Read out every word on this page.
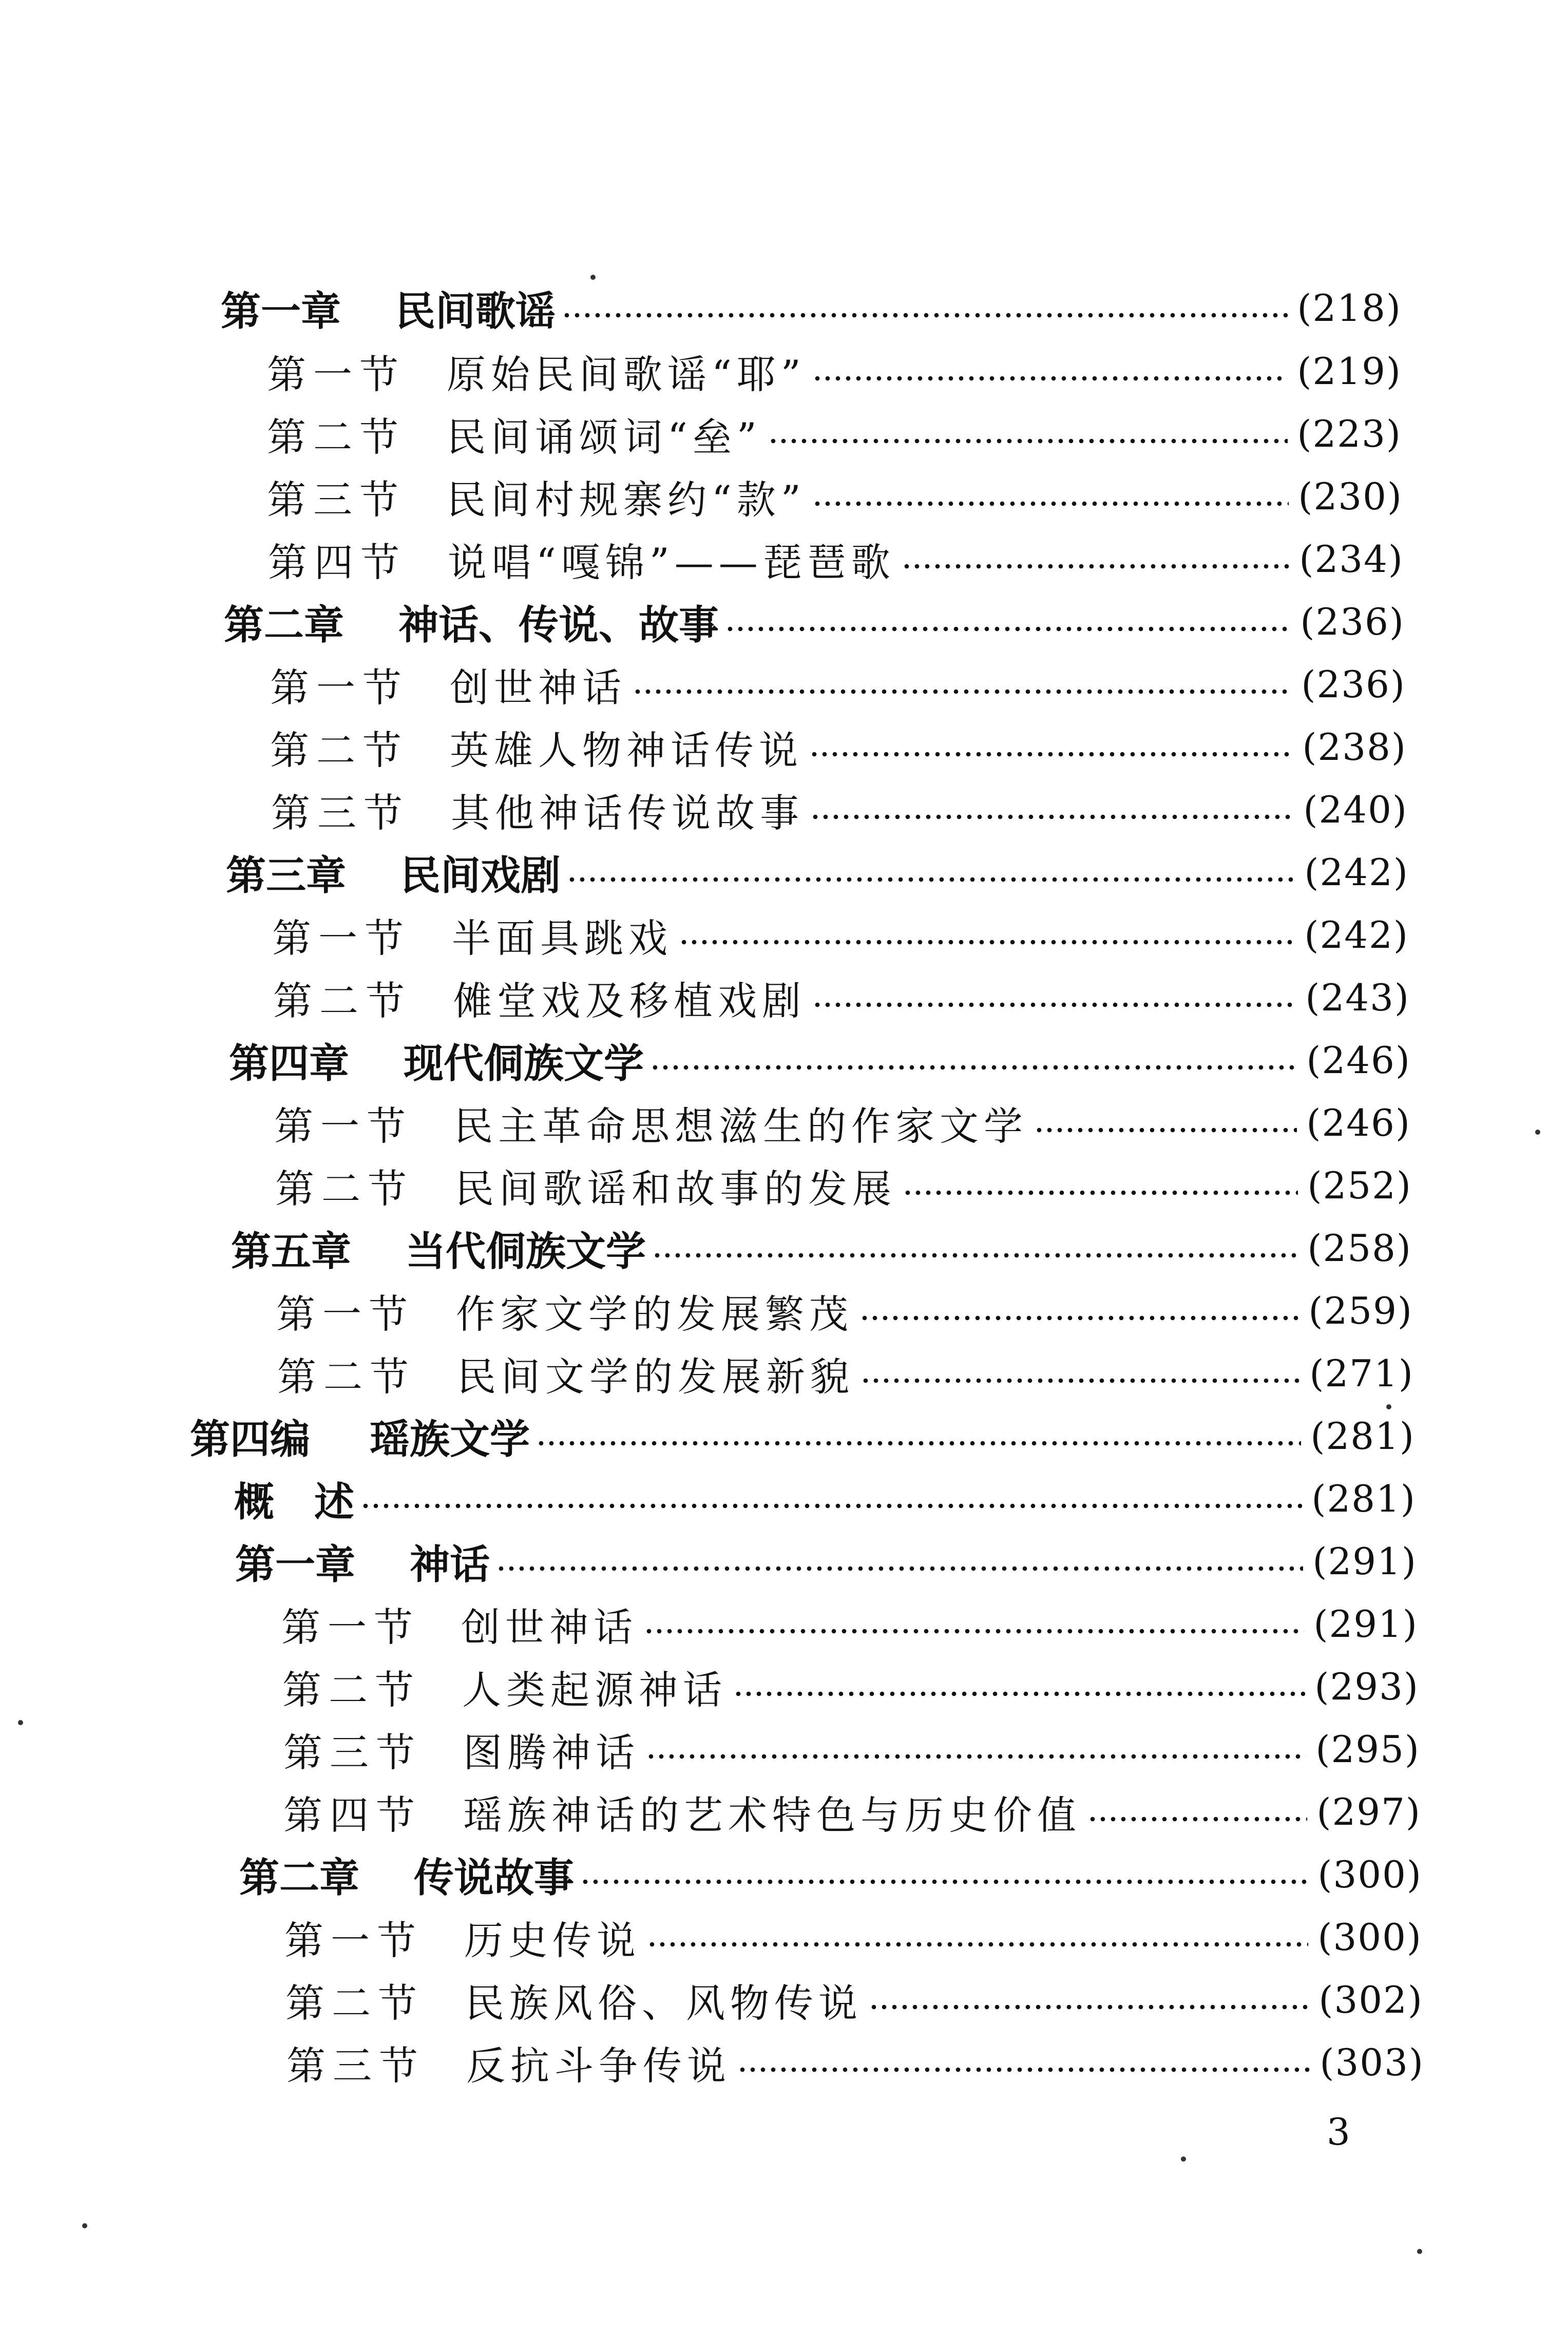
第一章	民间歌谣	(218)
第一节	原始民间歌谣“耶”	(219)
第二节	民间诵颂词“垒”	(223)
第三节	民间村规寨约“款”	(230)
第四节	说唱“嘎锦”——琵琶歌	(234)
第二章	神话、传说、故事	(236)
第一节	创世神话	(236)
第二节	英雄人物神话传说	(238)
第三节	其他神话传说故事	(240)
第三章	民间戏剧	(242)
第一节	半面具跳戏	(242)
第二节	傩堂戏及移植戏剧	(243)
第四章	现代侗族文学	(246)
第一节	民主革命思想滋生的作家文学	(246)
第二节	民间歌谣和故事的发展	(252)
第五章	当代侗族文学	(258)
第一节	作家文学的发展繁茂	(259)
第二节	民间文学的发展新貌	(271)
第四编	瑶族文学	(281)
概　述	(281)
第一章	神话	(291)
第一节	创世神话	(291)
第二节	人类起源神话	(293)
第三节	图腾神话	(295)
第四节	瑶族神话的艺术特色与历史价值	(297)
第二章	传说故事	(300)
第一节	历史传说	(300)
第二节	民族风俗、风物传说	(302)
第三节	反抗斗争传说	(303)
3
